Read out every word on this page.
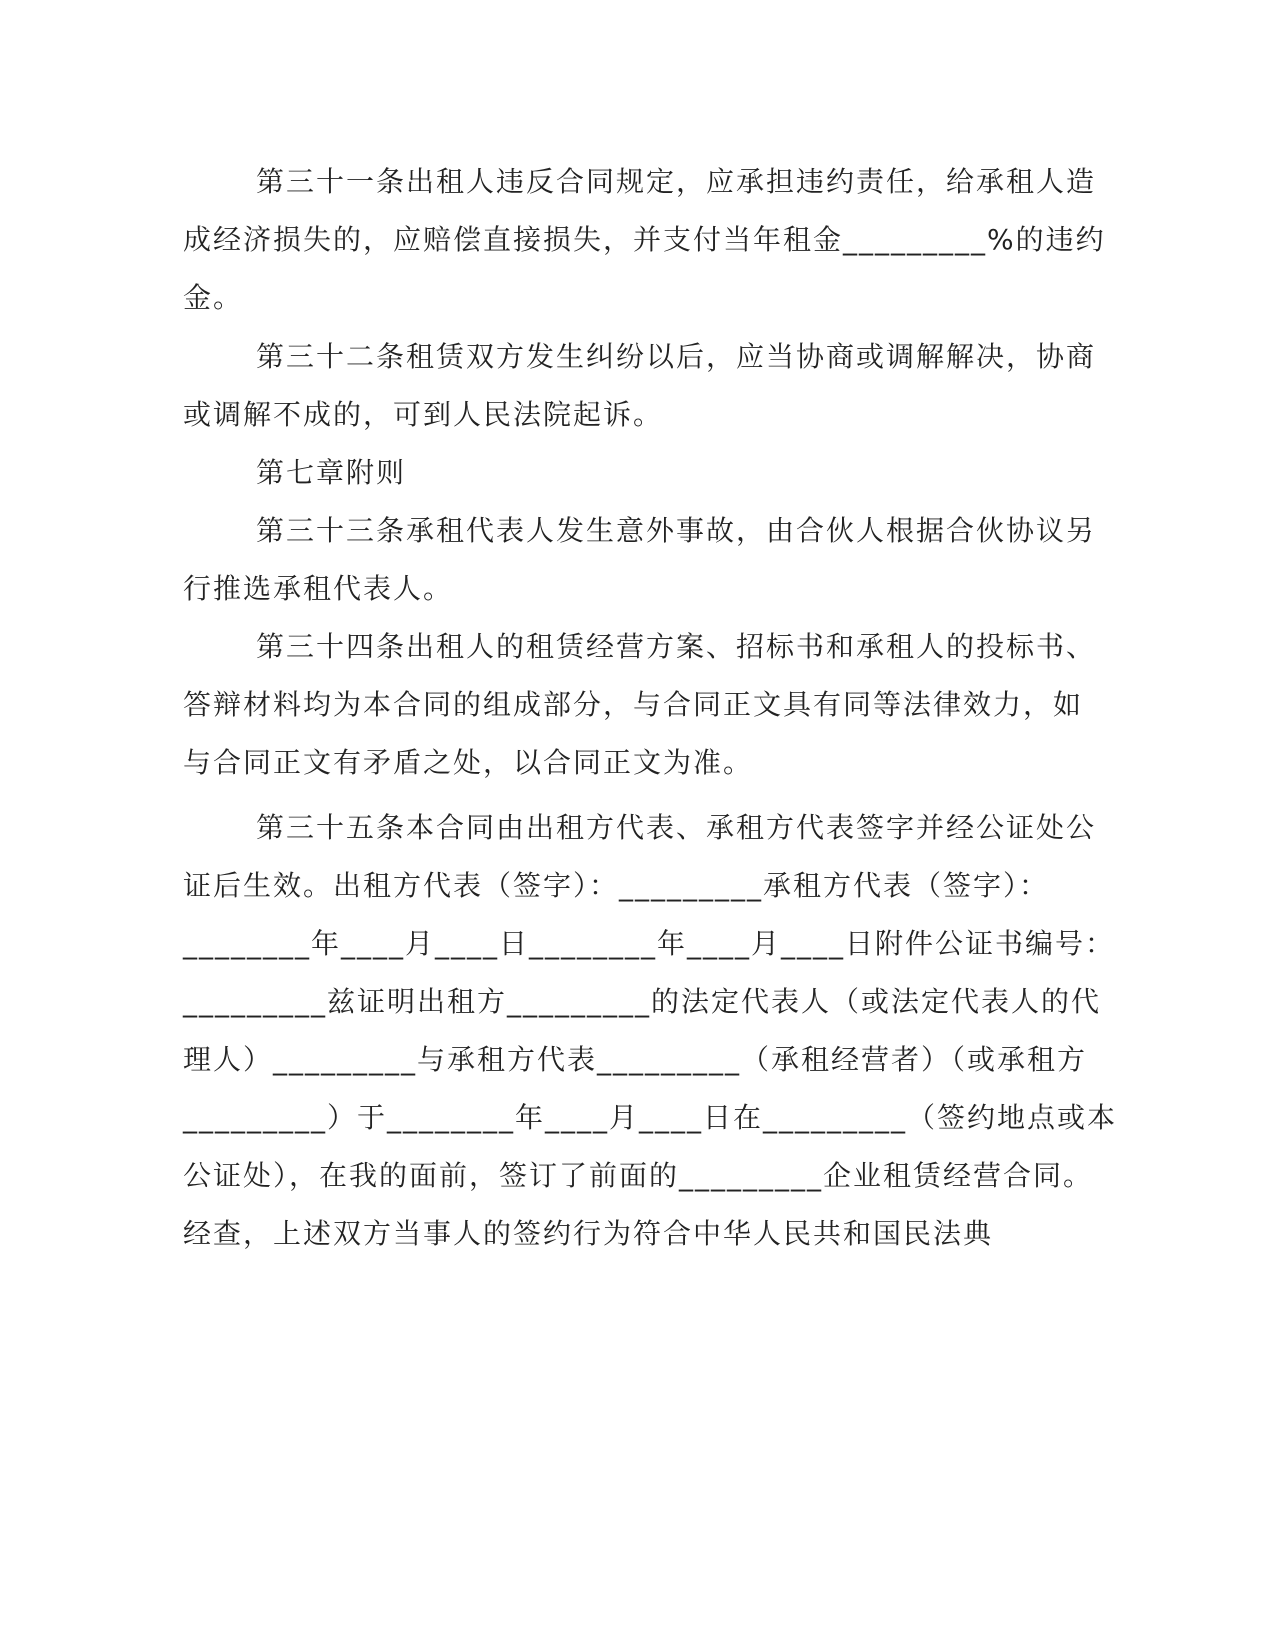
第三十一条出租人违反合同规定，应承担违约责任，给承租人造

成经济损失的，应赔偿直接损失，并支付当年租金_________%的违约

金。

第三十二条租赁双方发生纠纷以后，应当协商或调解解决，协商

或调解不成的，可到人民法院起诉。

第七章附则

第三十三条承租代表人发生意外事故，由合伙人根据合伙协议另

行推选承租代表人。

第三十四条出租人的租赁经营方案、招标书和承租人的投标书、

答辩材料均为本合同的组成部分，与合同正文具有同等法律效力，如

与合同正文有矛盾之处，以合同正文为准。

第三十五条本合同由出租方代表、承租方代表签字并经公证处公

证后生效。出租方代表（签字）：_________承租方代表（签字）：

________年____月____日________年____月____日附件公证书编号：

_________兹证明出租方_________的法定代表人（或法定代表人的代

理人）_________与承租方代表_________（承租经营者）（或承租方

_________）于________年____月____日在_________（签约地点或本

公证处），在我的面前，签订了前面的_________企业租赁经营合同。

经查，上述双方当事人的签约行为符合中华人民共和国民法典
